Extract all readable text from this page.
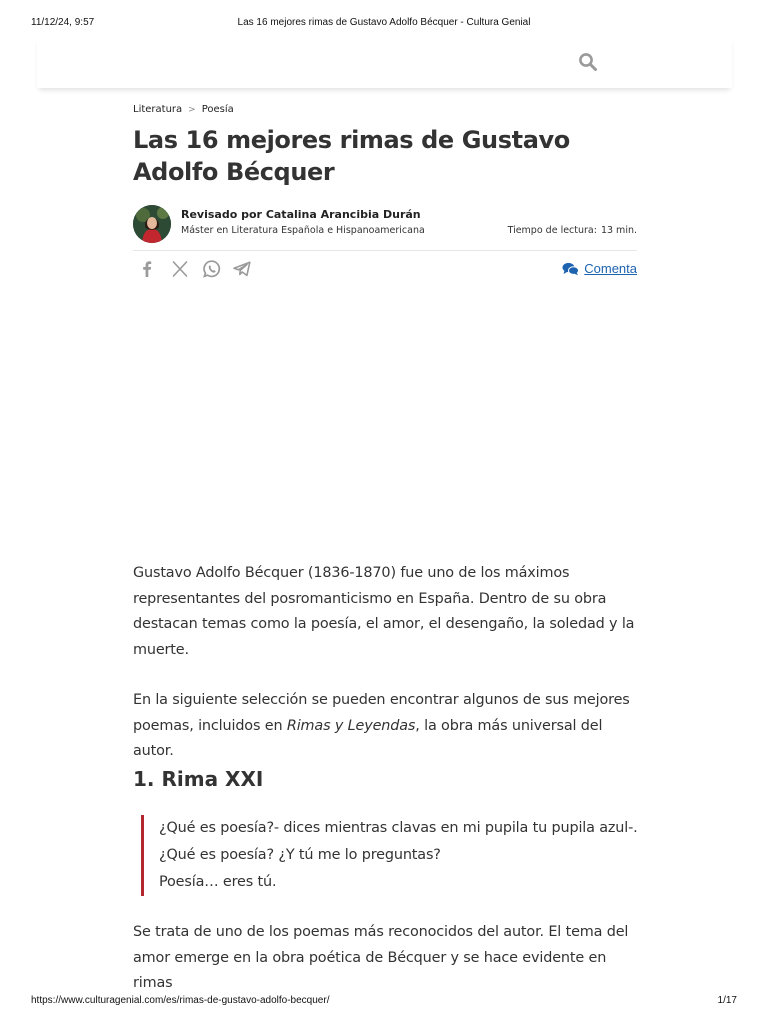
11/12/24, 9:57	Las 16 mejores rimas de Gustavo Adolfo Bécquer - Cultura Genial
Literatura > Poesía
Las 16 mejores rimas de Gustavo Adolfo Bécquer
Revisado por Catalina Arancibia Durán
Máster en Literatura Española e Hispanoamericana	Tiempo de lectura: 13 min.
Comenta

Gustavo Adolfo Bécquer (1836-1870) fue uno de los máximos representantes del posromanticismo en España. Dentro de su obra destacan temas como la poesía, el amor, el desengaño, la soledad y la muerte.

En la siguiente selección se pueden encontrar algunos de sus mejores poemas, incluidos en Rimas y Leyendas, la obra más universal del autor.

1. Rima XXI
¿Qué es poesía?- dices mientras clavas en mi pupila tu pupila azul-.
¿Qué es poesía? ¿Y tú me lo preguntas?
Poesía… eres tú.

Se trata de uno de los poemas más reconocidos del autor. El tema del amor emerge en la obra poética de Bécquer y se hace evidente en rimas

https://www.culturagenial.com/es/rimas-de-gustavo-adolfo-becquer/	1/17
